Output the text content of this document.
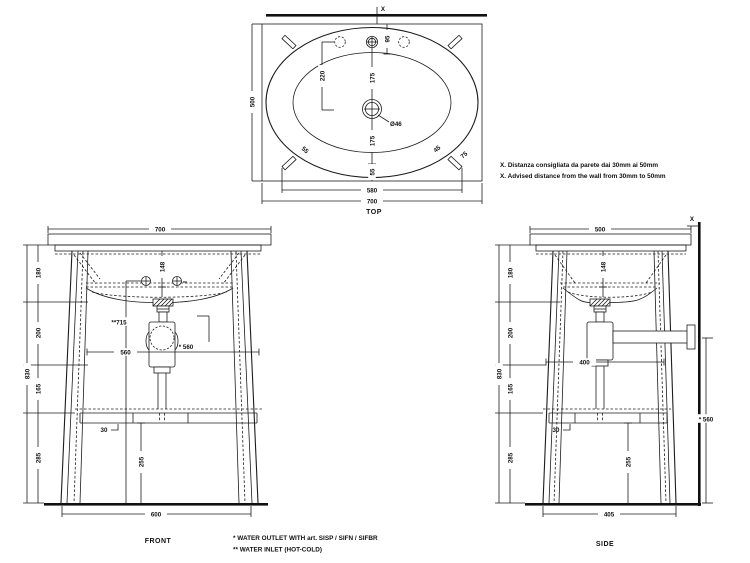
X
Ø46
95
220	175
175
55
55	45
75
500
580
700
TOP
X. Distanza consigliata da parete dai 30mm ai 50mm
X. Advised distance from the wall from 30mm to 50mm
700
**
148
**715
* 560
560
30
255
600
180
200
165
285
830
FRONT
X
500
148
400
30
255
405
* 560
180
200
165
285
830
SIDE
* WATER OUTLET WITH art. SISP / SIFN / SIFBR
** WATER INLET (HOT-COLD)
